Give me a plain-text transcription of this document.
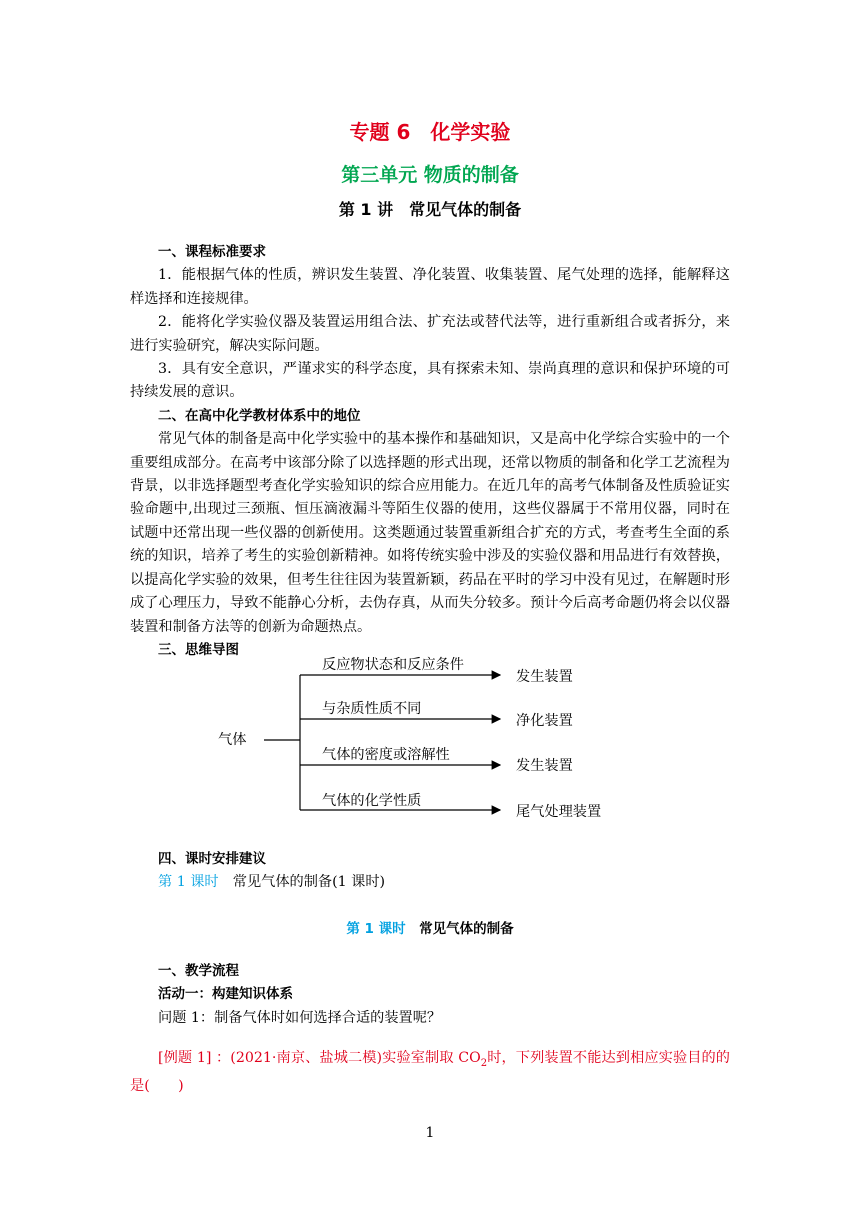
专题 6　化学实验
第三单元 物质的制备
第 1 讲　常见气体的制备
一、课程标准要求

1．能根据气体的性质，辨识发生装置、净化装置、收集装置、尾气处理的选择，能解释这样选择和连接规律。

2．能将化学实验仪器及装置运用组合法、扩充法或替代法等，进行重新组合或者拆分，来进行实验研究，解决实际问题。

3．具有安全意识，严谨求实的科学态度，具有探索未知、崇尚真理的意识和保护环境的可持续发展的意识。

二、在高中化学教材体系中的地位

常见气体的制备是高中化学实验中的基本操作和基础知识，又是高中化学综合实验中的一个重要组成部分。在高考中该部分除了以选择题的形式出现，还常以物质的制备和化学工艺流程为背景，以非选择题型考查化学实验知识的综合应用能力。在近几年的高考气体制备及性质验证实验命题中,出现过三颈瓶、恒压滴液漏斗等陌生仪器的使用，这些仪器属于不常用仪器，同时在试题中还常出现一些仪器的创新使用。这类题通过装置重新组合扩充的方式，考查考生全面的系统的知识，培养了考生的实验创新精神。如将传统实验中涉及的实验仪器和用品进行有效替换，以提高化学实验的效果，但考生往往因为装置新颖，药品在平时的学习中没有见过，在解题时形成了心理压力，导致不能静心分析，去伪存真，从而失分较多。预计今后高考命题仍将会以仪器装置和制备方法等的创新为命题热点。

三、思维导图
气体
反应物状态和反应条件
与杂质性质不同
气体的密度或溶解性
气体的化学性质
发生装置
净化装置
发生装置
尾气处理装置
四、课时安排建议

第 1 课时　常见气体的制备(1 课时)

第 1 课时　常见气体的制备
一、教学流程
活动一：构建知识体系

问题 1：制备气体时如何选择合适的装置呢？

[例题 1] ：(2021·南京、盐城二模)实验室制取 $CO_2$时，下列装置不能达到相应实验目的的是(　　)

1
